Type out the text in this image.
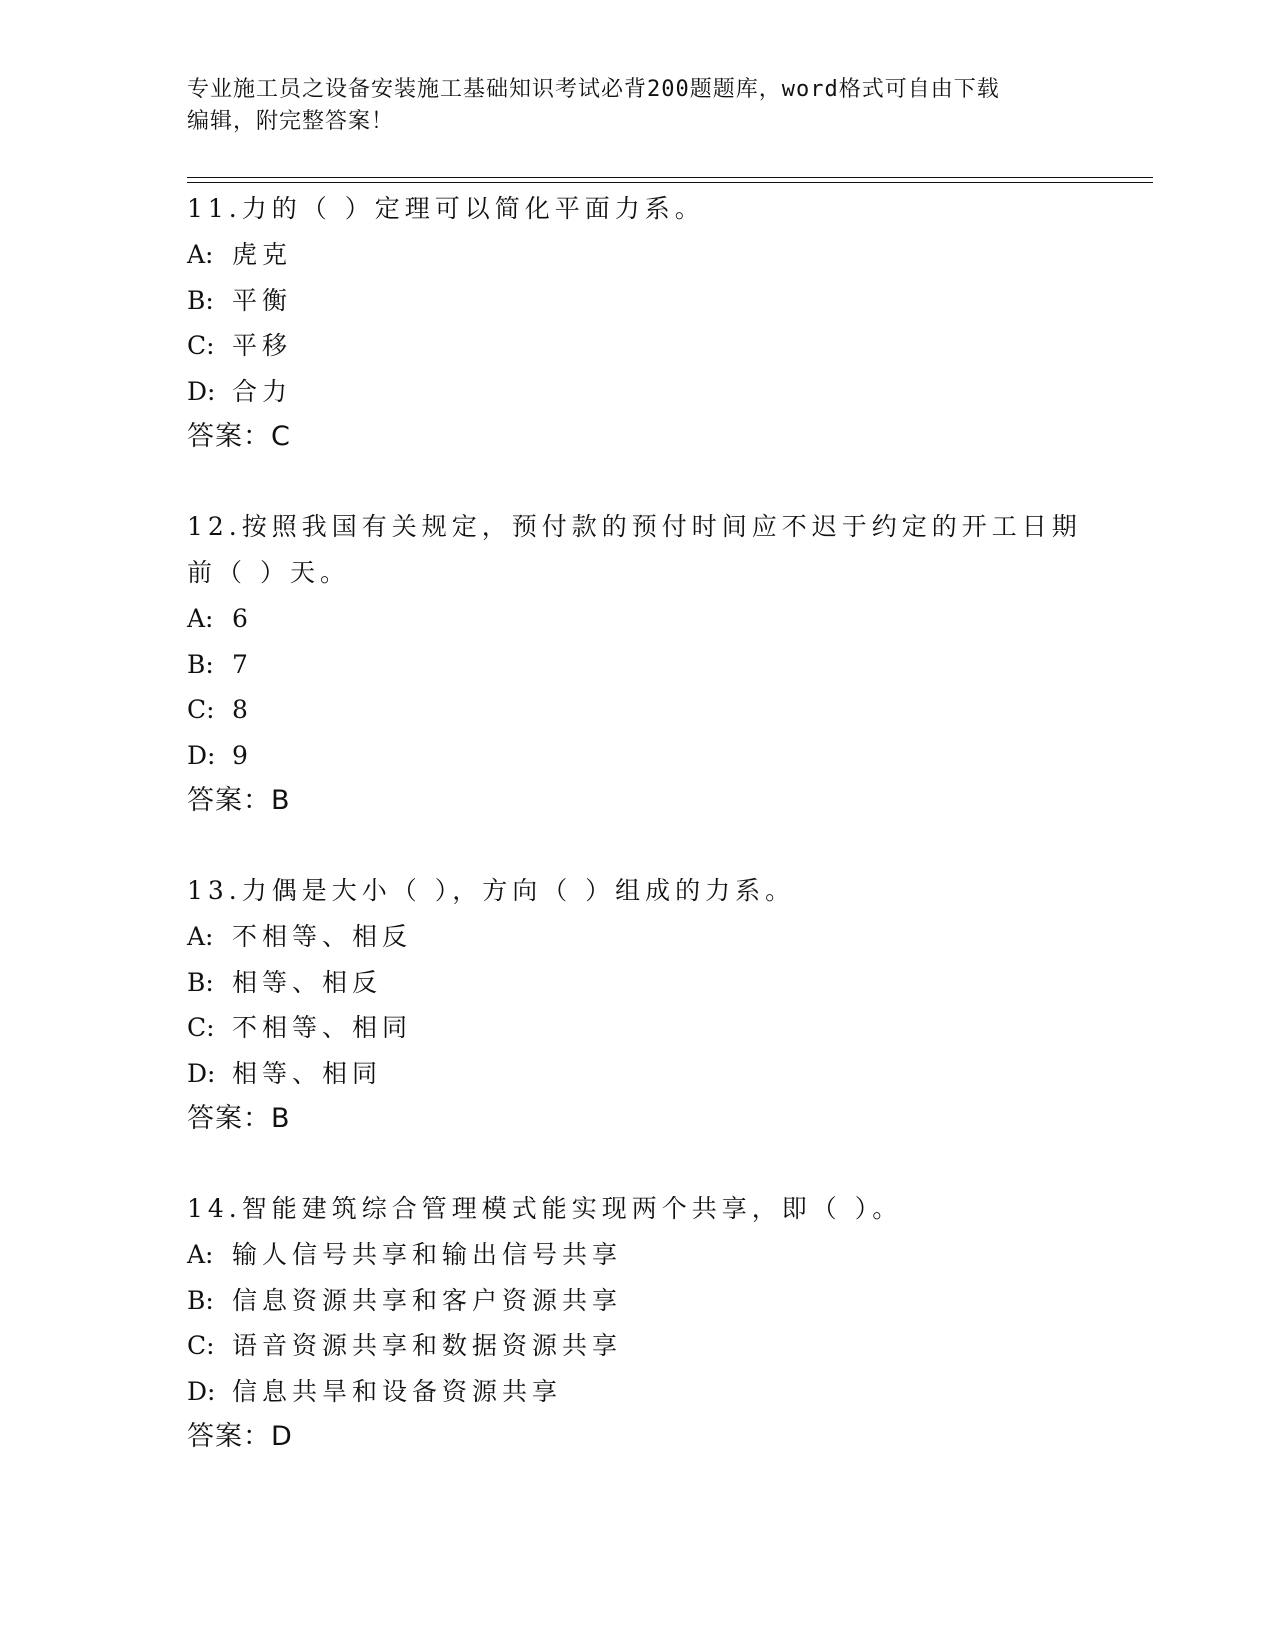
专业施工员之设备安装施工基础知识考试必背200题题库，word格式可自由下载
编辑，附完整答案！
11.力的（ ）定理可以简化平面力系。
A: 虎克
B: 平衡
C: 平移
D: 合力
答案：C
12.按照我国有关规定，预付款的预付时间应不迟于约定的开工日期前（ ）天。
A: 6
B: 7
C: 8
D: 9
答案：B
13.力偶是大小（ ），方向（ ）组成的力系。
A: 不相等、相反
B: 相等、相反
C: 不相等、相同
D: 相等、相同
答案：B
14.智能建筑综合管理模式能实现两个共享，即（ ）。
A: 输人信号共享和输出信号共享
B: 信息资源共享和客户资源共享
C: 语音资源共享和数据资源共享
D: 信息共旱和设备资源共享
答案：D
